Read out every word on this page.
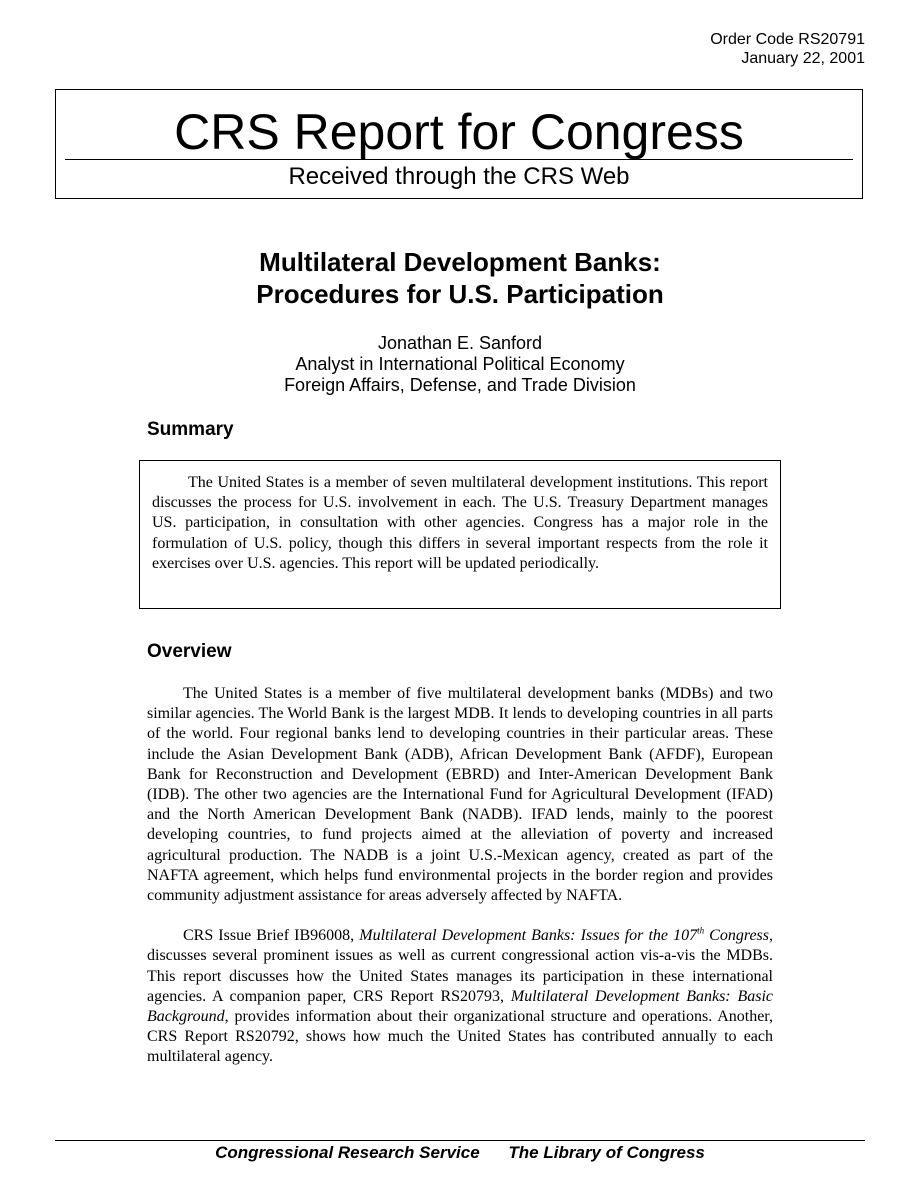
Order Code RS20791
January 22, 2001
CRS Report for Congress
Received through the CRS Web
Multilateral Development Banks:
Procedures for U.S. Participation
Jonathan E. Sanford
Analyst in International Political Economy
Foreign Affairs, Defense, and Trade Division
Summary

The United States is a member of seven multilateral development institutions. This report discusses the process for U.S. involvement in each. The U.S. Treasury Department manages US. participation, in consultation with other agencies. Congress has a major role in the formulation of U.S. policy, though this differs in several important respects from the role it exercises over U.S. agencies. This report will be updated periodically.

Overview

The United States is a member of five multilateral development banks (MDBs) and two similar agencies. The World Bank is the largest MDB. It lends to developing countries in all parts of the world. Four regional banks lend to developing countries in their particular areas. These include the Asian Development Bank (ADB), African Development Bank (AFDF), European Bank for Reconstruction and Development (EBRD) and Inter-American Development Bank (IDB). The other two agencies are the International Fund for Agricultural Development (IFAD) and the North American Development Bank (NADB). IFAD lends, mainly to the poorest developing countries, to fund projects aimed at the alleviation of poverty and increased agricultural production. The NADB is a joint U.S.-Mexican agency, created as part of the NAFTA agreement, which helps fund environmental projects in the border region and provides community adjustment assistance for areas adversely affected by NAFTA.

CRS Issue Brief IB96008, Multilateral Development Banks: Issues for the 107th Congress, discusses several prominent issues as well as current congressional action vis-a-vis the MDBs. This report discusses how the United States manages its participation in these international agencies. A companion paper, CRS Report RS20793, Multilateral Development Banks: Basic Background, provides information about their organizational structure and operations. Another, CRS Report RS20792, shows how much the United States has contributed annually to each multilateral agency.

Congressional Research Service The Library of Congress
